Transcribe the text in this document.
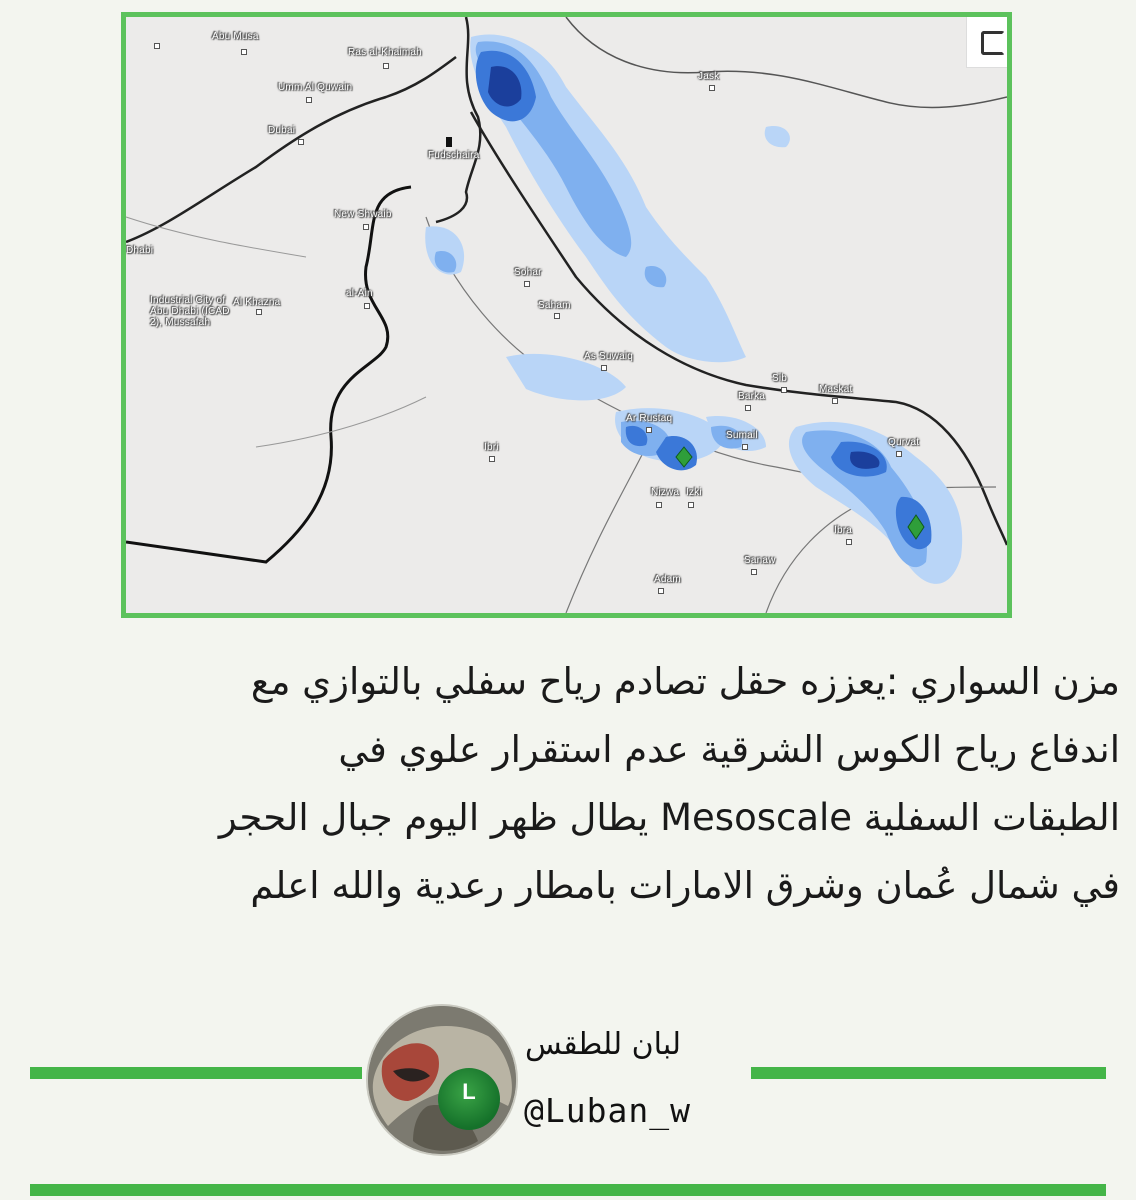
Abu Musa
Ras al-Khaimah
Umm Al Quwain
Dubai
Fudschaira
New Shwaib
Jask
Dhabi
Industrial City of Abu Dhabi (ICAD 2), Mussafah
Al Khazna
al-Ain
Sohar
Saham
As Suwaiq
Barka
Sib
Maskat
Ar Rustaq
Sumail
Qurvat
Ibri
Nizwa Izki
Ibra
Sanaw
Adam
مزن السواري :يعززه حقل تصادم رياح سفلي بالتوازي مع
اندفاع رياح الكوس الشرقية عدم استقرار علوي في
الطبقات السفلية Mesoscale يطال ظهر اليوم جبال الحجر
في شمال عُمان وشرق الامارات بامطار رعدية والله اعلم
L
لبان للطقس
@Luban_w
